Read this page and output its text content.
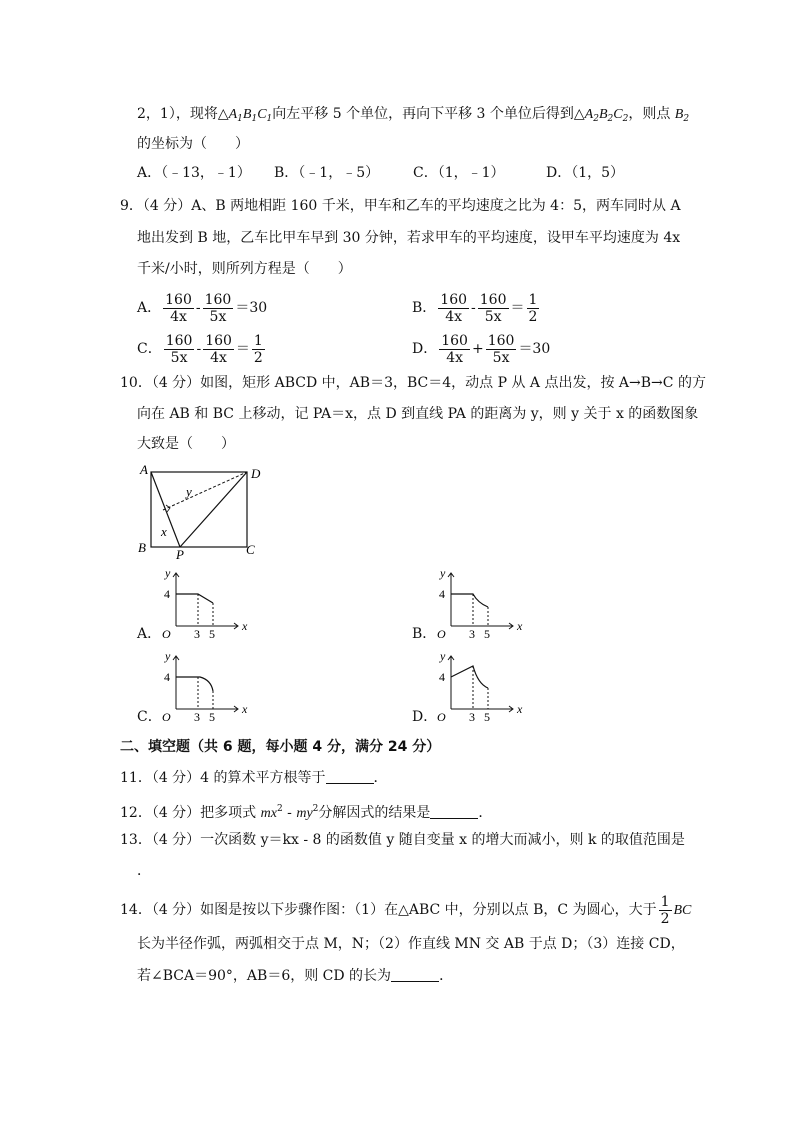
2，1），现将$\triangle A_1B_1C_1$向左平移 5 个单位，再向下平移 3 个单位后得到$\triangle A_2B_2C_2$，则点 $B_2$
的坐标为（　　）
A．（﹣13，﹣1） B．（﹣1，﹣5） C．（1，﹣1）	D．（1，5）
9．（4 分）A、B 两地相距 160 千米，甲车和乙车的平均速度之比为 4：5，两车同时从 A
地出发到 B 地，乙车比甲车早到 30 分钟，若求甲车的平均速度，设甲车平均速度为 4x
千米/小时，则所列方程是（　　）
A． $\frac{160}{4x} - \frac{160}{5x} =30$	B． $\frac{160}{4x} - \frac{160}{5x} = \frac{1}{2}$
C． $\frac{160}{5x} - \frac{160}{4x} = \frac{1}{2}$	D． $\frac{160}{4x} + \frac{160}{5x} =30$
10．（4 分）如图，矩形 ABCD 中，AB＝3，BC＝4，动点 P 从 A 点出发，按 A→B→C 的方
向在 AB 和 BC 上移动，记 PA＝x，点 D 到直线 PA 的距离为 y，则 y 关于 x 的函数图象
大致是（　　）
A	D
B	C
P
x
y
A．
y
x
O
4
3 5	B．
y
x
O
4
3 5
C．
y
x
O
4
3 5	D．
y
x
O
4
3 5
二、填空题（共 6 题，每小题 4 分，满分 24 分）
11．（4 分）4 的算术平方根等于	．
12．（4 分）把多项式 $mx^2 - my^2$分解因式的结果是	．
13．（4 分）一次函数 y＝kx - 8 的函数值 y 随自变量 x 的增大而减小，则 k 的取值范围是
．
14．（4 分）如图是按以下步骤作图：（1）在△ABC 中，分别以点 B，C 为圆心，大于 $\frac{1}{2}$ BC
长为半径作弧，两弧相交于点 M，N；（2）作直线 MN 交 AB 于点 D；（3）连接 CD，
若∠BCA＝90°，AB＝6，则 CD 的长为	．
